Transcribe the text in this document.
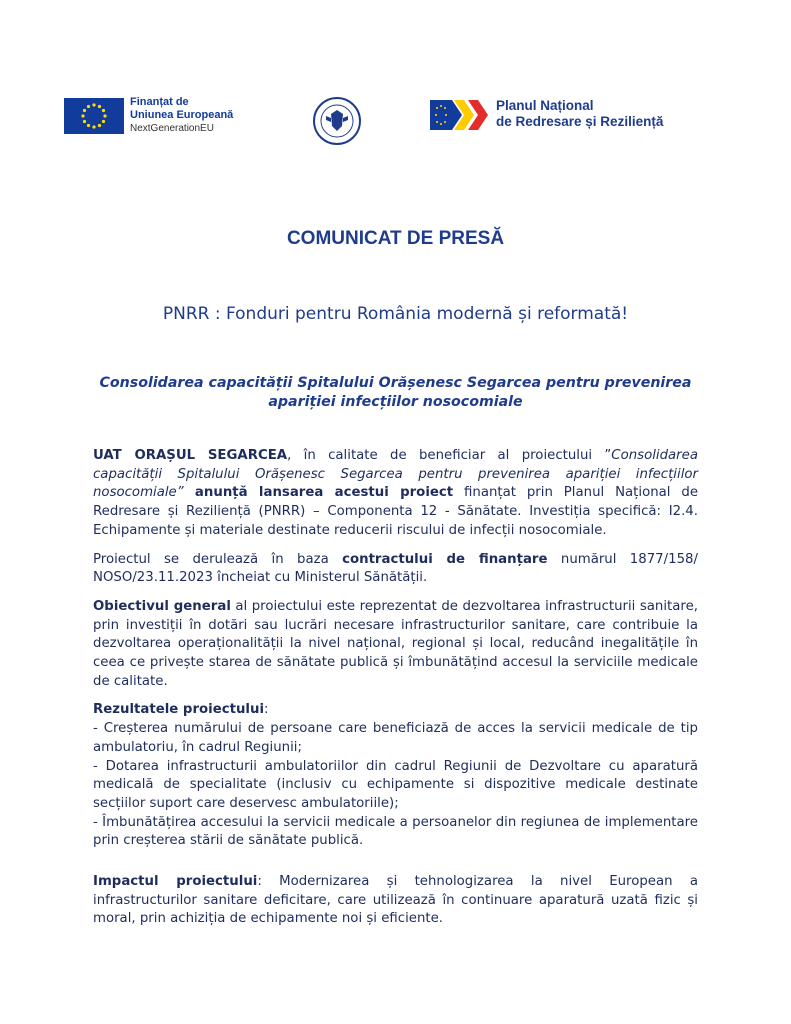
Finanțat de
Uniunea Europeană
NextGenerationEU
Planul Național
de Redresare și Reziliență
COMUNICAT DE PRESĂ
PNRR : Fonduri pentru România modernă și reformată!
Consolidarea capacității Spitalului Orășenesc Segarcea pentru prevenirea apariției infecțiilor nosocomiale

UAT ORAȘUL SEGARCEA, în calitate de beneficiar al proiectului ”Consolidarea capacității Spitalului Orășenesc Segarcea pentru prevenirea apariției infecțiilor nosocomiale” anunță lansarea acestui proiect finanțat prin Planul Național de Redresare și Reziliență (PNRR) – Componenta 12 - Sănătate. Investiția specifică: I2.4. Echipamente și materiale destinate reducerii riscului de infecții nosocomiale.

Proiectul se derulează în baza contractului de finanțare numărul 1877/158/ NOSO/23.11.2023 încheiat cu Ministerul Sănătății.

Obiectivul general al proiectului este reprezentat de dezvoltarea infrastructurii sanitare, prin investiții în dotări sau lucrări necesare infrastructurilor sanitare, care contribuie la dezvoltarea operaționalității la nivel național, regional și local, reducând inegalitățile în ceea ce privește starea de sănătate publică și îmbunătățind accesul la serviciile medicale de calitate.

Rezultatele proiectului:
- Creșterea numărului de persoane care beneficiază de acces la servicii medicale de tip ambulatoriu, în cadrul Regiunii;
- Dotarea infrastructurii ambulatoriilor din cadrul Regiunii de Dezvoltare cu aparatură medicală de specialitate (inclusiv cu echipamente si dispozitive medicale destinate secțiilor suport care deservesc ambulatoriile);
- Îmbunătățirea accesului la servicii medicale a persoanelor din regiunea de implementare prin creșterea stării de sănătate publică.

Impactul proiectului: Modernizarea și tehnologizarea la nivel European a infrastructurilor sanitare deficitare, care utilizează în continuare aparatură uzată fizic și moral, prin achiziția de echipamente noi și eficiente.
